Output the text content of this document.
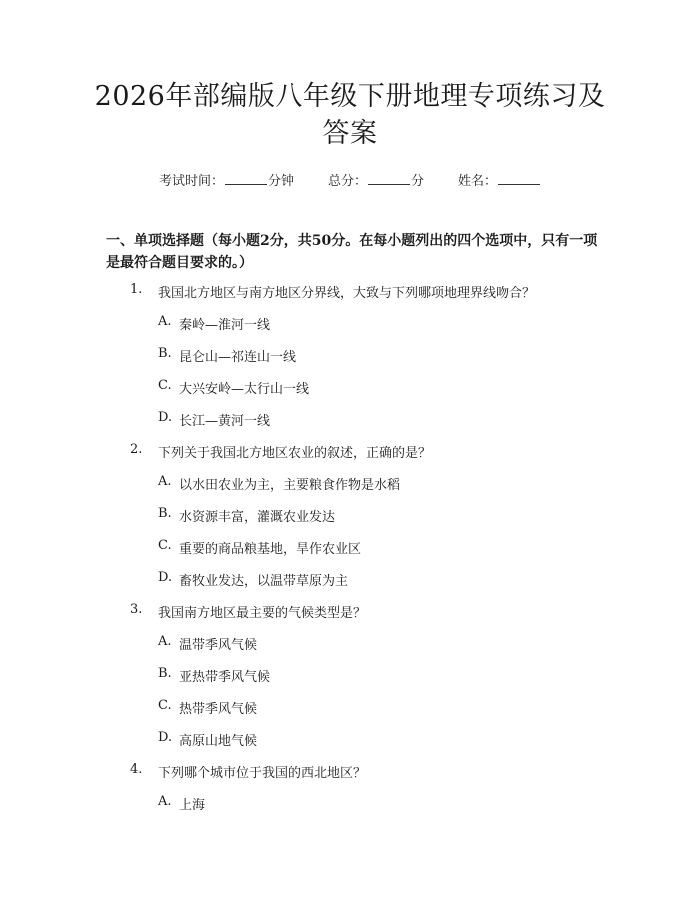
2026年部编版八年级下册地理专项练习及答案
考试时间：	分钟	总分：	分	姓名：
一、单项选择题（每小题2分，共50分。在每小题列出的四个选项中，只有一项是最符合题目要求的。）
1. 我国北方地区与南方地区分界线，大致与下列哪项地理界线吻合？
A. 秦岭—淮河一线
B. 昆仑山—祁连山一线
C. 大兴安岭—太行山一线
D. 长江—黄河一线
2. 下列关于我国北方地区农业的叙述，正确的是？
A. 以水田农业为主，主要粮食作物是水稻
B. 水资源丰富，灌溉农业发达
C. 重要的商品粮基地，旱作农业区
D. 畜牧业发达，以温带草原为主
3. 我国南方地区最主要的气候类型是？
A. 温带季风气候
B. 亚热带季风气候
C. 热带季风气候
D. 高原山地气候
4. 下列哪个城市位于我国的西北地区？
A. 上海
